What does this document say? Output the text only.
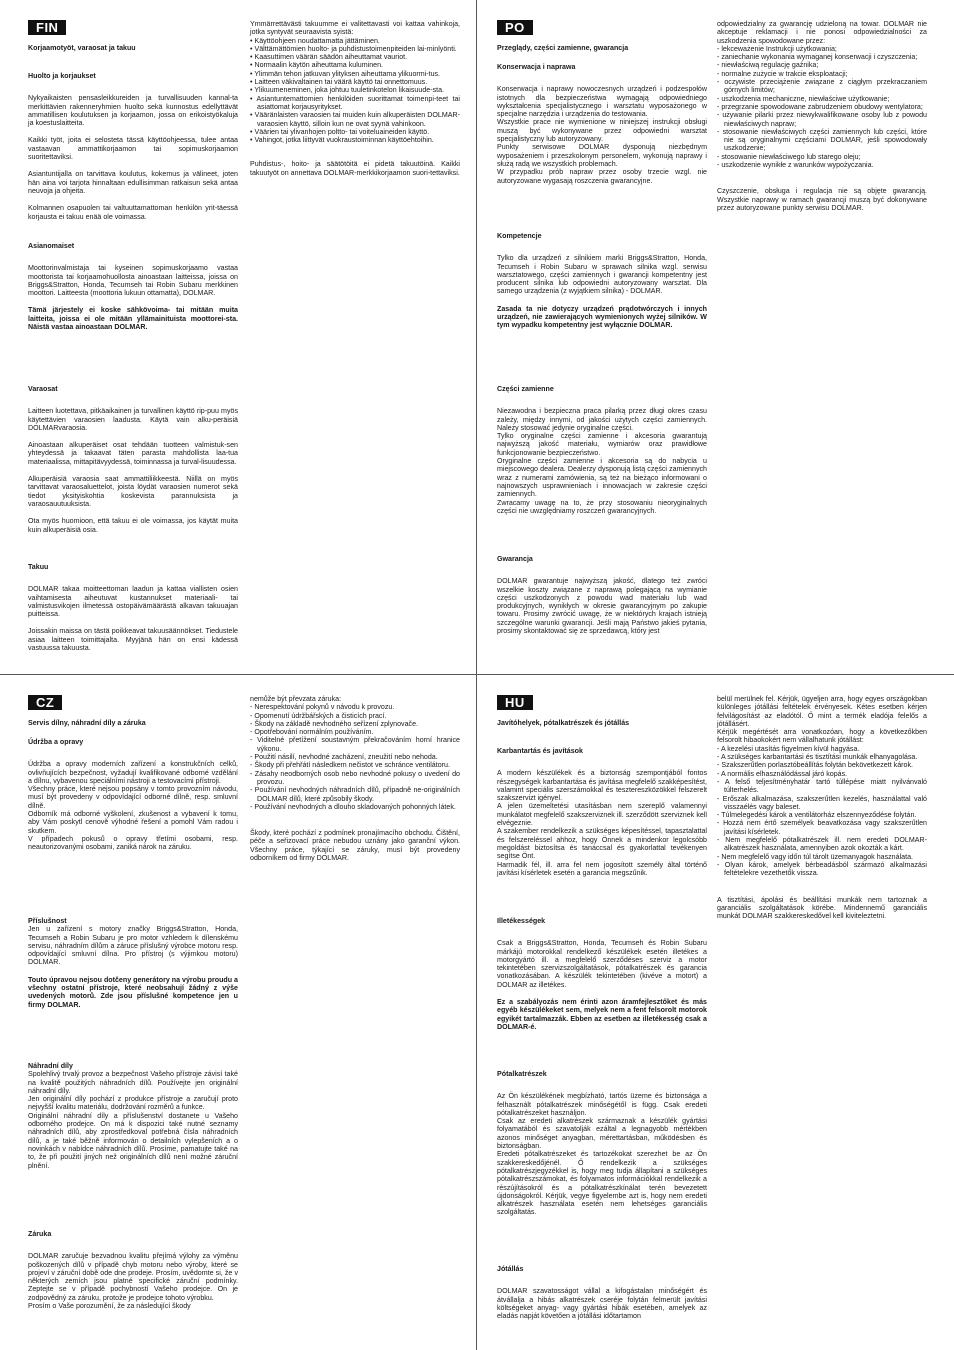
FIN
Korjaamotyöt, varaosat ja takuu
Huolto ja korjaukset

Nykyaikaisten pensasleikkureiden ja turvallisuuden kannal-ta merkittävien rakenneryhmien huolto sekä kunnostus edellyttävät ammatillisen koulutuksen ja korjaamon, jossa on erikoistyökaluja ja koestuslaitteita.

Kaikki työt, joita ei selosteta tässä käyttöohjeessa, tulee antaa vastaavan ammattikorjaamon tai sopimuskorjaamon suoritettaviksi.

Asiantuntijalla on tarvittava koulutus, kokemus ja välineet, joten hän aina voi tarjota hinnaltaan edullisimman ratkaisun sekä antaa neuvoja ja ohjeita.

Kolmannen osapuolen tai valtuuttamattoman henkilön yrit-täessä korjausta ei takuu enää ole voimassa.

Asianomaiset

Moottorinvalmistaja tai kyseinen sopimuskorjaamo vastaa moottorista tai korjaamohuollosta ainoastaan laitteissa, joissa on Briggs&Stratton, Honda, Tecumseh tai Robin Subaru merkkinen moottori. Laitteesta (moottoria lukuun ottamatta), DOLMAR.

Tämä järjestely ei koske sähkövoima- tai mitään muita laitteita, joissa ei ole mitään yllämainituista moottorei-sta. Näistä vastaa ainoastaan DOLMAR.

Varaosat

Laitteen luotettava, pitkäaikainen ja turvallinen käyttö rip-puu myös käytettävien varaosien laadusta. Käytä vain alku-peräisiä DOLMARvaraosia.

Ainoastaan alkuperäiset osat tehdään tuotteen valmistuk-sen yhteydessä ja takaavat täten parasta mahdollista laa-tua materiaalissa, mittapitävyydessä, toiminnassa ja turval-lisuudessa.

Alkuperäisiä varaosia saat ammattiliikkeestä. Niillä on myös tarvittavat varaosaluettelot, joista löydät varaosien numerot sekä tiedot yksityiskohtia koskevista parannuksista ja varaosauutuuksista.

Ota myös huomioon, että takuu ei ole voimassa, jos käytät muita kuin alkuperäisiä osia.

Takuu

DOLMAR takaa moitteettoman laadun ja kattaa viallisten osien vaihtamisesta aiheutuvat kustannukset materiaali- tai valmistusvikojen ilmetessä ostopäivämäärästä alkavan takuuajan puitteissa.

Joissakin maissa on tästä poikkeavat takuusäännökset. Tiedustele asiaa laitteen toimittajalta. Myyjänä hän on ensi kädessä vastuussa takuusta.

Ymmärrettävästi takuumme ei valitettavasti voi kattaa vahinkoja, jotka syntyvät seuraavista syistä:

• Käyttöohjeen noudattamatta jättäminen.
• Välttämättömien huolto- ja puhdistustoimenpiteiden lai-minlyönti.
• Kaasuttimen väärän säädön aiheuttamat vauriot.
• Normaalin käytön aiheuttama kuluminen.
• Ylimmän tehon jatkuvan ylityksen aiheuttama ylikuormi-tus.
• Laitteen väkivaltainen tai väärä käyttö tai onnettomuus.
• Ylikuumeneminen, joka johtuu tuuletinkotelon likaisuude-sta.
• Asiantuntemattomien henkilöiden suorittamat toimenpi-teet tai asiattomat korjausyritykset.
• Vääränlaisten varaosien tai muiden kuin alkuperäisten DOLMAR-varaosien käyttö, silloin kun ne ovat syynä vahinkoon.
• Väärien tai ylivanhojen poltto- tai voiteluaineiden käyttö.
• Vahingot, jotka liittyvät vuokraustoiminnan käyttöehtoihin.

Puhdistus-, hoito- ja säätötöitä ei pidetä takuutöinä. Kaikki takuutyöt on annettava DOLMAR-merkkikorjaamon suori-tettaviksi.

PO
Przeglądy, części zamienne, gwarancja
Konserwacja i naprawa

Konserwacja i naprawy nowoczesnych urządzeń i podzespołów istotnych dla bezpieczeństwa wymagają odpowiedniego wykształcenia specjalistycznego i warsztatu wyposażonego w specjalne narzędzia i urządzenia do testowania.

Wszystkie prace nie wymienione w niniejszej instrukcji obsługi muszą być wykonywane przez odpowiedni warsztat specjalistyczny lub autoryzowany.

Punkty serwisowe DOLMAR dysponują niezbędnym wyposażeniem i przeszkolonym personelem, wykonują naprawy i służą radą we wszystkich problemach.

W przypadku prób napraw przez osoby trzecie wzgl. nie autoryzowane wygasają roszczenia gwarancyjne.

Kompetencje

Tylko dla urządzeń z silnikiem marki Briggs&Stratton, Honda, Tecumseh i Robin Subaru w sprawach silnika wzgl. serwisu warsztatowego, części zamiennych i gwarancji kompetentny jest producent silnika lub odpowiedni autoryzowany warsztat. Dla samego urządzenia (z wyjątkiem silnika) - DOLMAR.

Zasada ta nie dotyczy urządzeń prądotwórczych i innych urządzeń, nie zawierających wymienionych wyżej silników. W tym wypadku kompetentny jest wyłącznie DOLMAR.

Części zamienne

Niezawodna i bezpieczna praca pilarką przez długi okres czasu zależy, między innymi, od jakości użytych części zamiennych. Należy stosować jedynie oryginalne części.

Tylko oryginalne części zamienne i akcesoria gwarantują najwyższą jakość materiału, wymiarów oraz prawidłowe funkcjonowanie bezpieczeństwo.

Oryginalne części zamienne i akcesoria są do nabycia u miejscowego dealera. Dealerzy dysponują listą części zamiennych wraz z numerami zamówienia, są też na bieżąco informowani o najnowszych usprawnieniach i innowacjach w zakresie części zamiennych.

Zwracamy uwagę na to, że przy stosowaniu nieoryginalnych części nie uwzględniamy roszczeń gwarancyjnych.

Gwarancja

DOLMAR gwarantuje najwyższą jakość, dlatego też zwróci wszelkie koszty związane z naprawą polegającą na wymianie części uszkodzonych z powodu wad materiału lub wad produkcyjnych, wynikłych w okresie gwarancyjnym po zakupie towaru. Prosimy zwrócić uwagę, że w niektórych krajach istnieją szczególne warunki gwarancji. Jeśli mają Państwo jakieś pytania, prosimy skontaktować się ze sprzedawcą, który jest

odpowiedzialny za gwarancję udzieloną na towar. DOLMAR nie akceptuje reklamacji i nie ponosi odpowiedzialności za uszkodzenia spowodowane przez:

- lekceważenie Instrukcji użytkowania;
- zaniechanie wykonania wymaganej konserwacji i czyszczenia;
- niewłaściwą regulację gaźnika;
- normalne zużycie w trakcie eksploatacji;
- oczywiste przeciążenie związane z ciągłym przekraczaniem górnych limitów;
- uszkodzenia mechaniczne, niewłaściwe użytkowanie;
- przegrzanie spowodowane zabrudzeniem obudowy wentylatora;
- używanie pilarki przez niewykwalifikowane osoby lub z powodu niewłaściwych napraw;
- stosowanie niewłaściwych części zamiennych lub części, które nie są oryginalnymi częściami DOLMAR, jeśli spowodowały uszkodzenie;
- stosowanie niewłaściwego lub starego oleju;
- uszkodzenie wynikłe z warunków wypożyczania.

Czyszczenie, obsługa i regulacja nie są objęte gwarancją. Wszystkie naprawy w ramach gwarancji muszą być dokonywane przez autoryzowane punkty serwisu DOLMAR.

CZ
Servis dílny, náhradní díly a záruka
Údržba a opravy

Údržba a opravy moderních zařízení a konstrukčních celků, ovlivňujících bezpečnost, vyžadují kvalifikované odborné vzdělání a dílnu, vybavenou speciálními nástroji a testovacími přístroji.

Všechny práce, které nejsou popsány v tomto provozním návodu, musí být provedeny v odpovídající odborné dílně, resp. smluvní dílně.

Odborník má odborné vyškolení, zkušenost a vybavení k tomu, aby Vám poskytl cenově výhodné řešení a pomohl Vám radou i skutkem.

V případech pokusů o opravy třetími osobami, resp. neautorizovanými osobami, zaniká nárok na záruku.

Příslušnost

Jen u zařízení s motory značky Briggs&Stratton, Honda, Tecumseh a Robin Subaru je pro motor vzhledem k dílenskému servisu, náhradním dílům a záruce příslušný výrobce motoru resp. odpovídající smluvní dílna. Pro přístroj (s výjimkou motoru) DOLMAR.

Touto úpravou nejsou dotčeny generátory na výrobu proudu a všechny ostatní přístroje, které neobsahují žádný z výše uvedených motorů. Zde jsou příslušné kompetence jen u firmy DOLMAR.

Náhradní díly

Spolehlivý trvalý provoz a bezpečnost Vašeho přístroje závisí také na kvalitě použitých náhradních dílů. Používejte jen originální náhradní díly.

Jen originální díly pochází z produkce přístroje a zaručují proto nejvyšší kvalitu materiálu, dodržování rozměrů a funkce.

Originální náhradní díly a příslušenství dostanete u Vašeho odborného prodejce. On má k dispozici také nutné seznamy náhradních dílů, aby zprostředkoval potřebná čísla náhradních dílů, a je také běžně informován o detailních vylepšeních a o novinkách v nabídce náhradních dílů. Prosíme, pamatujte také na to, že při použití jiných než originálních dílů není možné záruční plnění.

Záruka

DOLMAR zaručuje bezvadnou kvalitu přejímá výlohy za výměnu poškozených dílů v případě chyb motoru nebo výroby, které se projeví v záruční době ode dne prodeje. Prosím, uvědomte si, že v některých zemích jsou platné specifické záruční podmínky. Zeptejte se v případě pochybností Vašeho prodejce. On je zodpovědný za záruku, protože je prodejce tohoto výrobku.

Prosím o Vaše porozumění, že za následující škody

nemůže být převzata záruka:

- Nerespektování pokynů v návodu k provozu.
- Opomenutí údržbářských a čisticích prací.
- Škody na základě nevhodného seřízení zplynovače.
- Opotřebování normálním používáním.
- Viditelné přetížení soustavným překračováním horní hranice výkonu.
- Použití násilí, nevhodné zacházení, zneužití nebo nehoda.
- Škody při přehřátí následkem nečistot ve schránce ventilátoru.
- Zásahy neodborných osob nebo nevhodné pokusy o uvedení do provozu.
- Používání nevhodných náhradních dílů, případně ne-originálních DOLMAR dílů, které způsobily škody.
- Používání nevhodných a dlouho skladovaných pohonných látek.

Škody, které pochází z podmínek pronajímacího obchodu. Čištění, péče a seřizovací práce nebudou uznány jako garanční výkon. Všechny práce, týkající se záruky, musí být provedeny odborníkem od firmy DOLMAR.

HU
Javítóhelyek, pótalkatrészek és jótállás
Karbantartás és javítások

A modern készülékek és a biztonság szempontjából fontos részegységek karbantartása és javítása megfelelő szakképesítést, valamint speciális szerszámokkal és tesztereszközökkel felszerelt szakszervizt igényel.

A jelen üzemeltetési utasításban nem szereplő valamennyi munkálatot megfelelő szakszerviznek ill. szerződött szerviznek kell elvégeznie.

A szakember rendelkezik a szükséges képesítéssel, tapasztalattal és felszereléssel ahhoz, hogy Önnek a mindenkor legolcsóbb megoldást biztosítsa és tanáccsal és gyakorlattal tevékenyen segítse Önt.

Harmadik fél, ill. arra fel nem jogosított személy által történő javítási kísérletek esetén a garancia megszűnik.

Illetékességek

Csak a Briggs&Stratton, Honda, Tecumseh és Robin Subaru márkájú motorokkal rendelkező készülékek esetén illetékes a motorgyártó ill. a megfelelő szerződéses szerviz a motor tekintetében szervizszolgáltatások, pótalkatrészek és garancia vonatkozásában. A készülék tekintetében (kivéve a motort) a DOLMAR az illetékes.

Ez a szabályozás nem érinti azon áramfejlesztőket és más egyéb készülékeket sem, melyek nem a fent felsorolt motorok egyikét tartalmazzák. Ebben az esetben az illetékesség csak a DOLMAR-é.

Pótalkatrészek

Az Ön készülékének megbízható, tartós üzeme és biztonsága a felhasznált pótalkatrészek minőségétől is függ. Csak eredeti pótalkatrészeket használjon.

Csak az eredeti alkatrészek származnak a készülék gyártási folyamatából és szavatolják ezáltal a legnagyobb mértékben azonos minőséget anyagban, mérettartásban, működésben és biztonságban.

Eredeti pótalkatrészeket és tartozékokat szerezhet be az Ön szakkereskedőjénél. Ő rendelkezik a szükséges pótalkatrészjegyzékkel is, hogy meg tudja állapítani a szükséges pótalkatrészszámokat, és folyamatos információkkal rendelkezik a részújításokról és a pótalkatrészkínálat terén bevezetett újdonságokról. Kérjük, vegye figyelembe azt is, hogy nem eredeti alkatrészek használata esetén nem lehetséges garanciális szolgáltatás.

Jótállás

DOLMAR szavatosságot vállal a kifogástalan minőségért és átvállalja a hibás alkatrészek cseréje folytán felmerült javítási költségeket anyag- vagy gyártási hibák esetében, amelyek az eladás napját követően a jótállási időtartamon

belül merülnek fel. Kérjük, ügyeljen arra, hogy egyes országokban különleges jótállási feltételek érvényesek. Kétes esetben kérjen felvilágosítást az eladótól. Ő mint a termék eladója felelős a jótállásért.

Kérjük megértését arra vonatkozóan, hogy a következőkben felsorolt hibaokokért nem vállalhatunk jótállást:

- A kezelési utasítás figyelmen kívül hagyása.
- A szükséges karbantartási és tisztítási munkák elhanyagolása.
- Szakszerűtlen porlasztóbeállítás folytán bekövetkezett károk.
- A normális elhasználódással járó kopás.
- A felső teljesítményhatár tartó túllépése miatt nyilvánvaló túlterhelés.
- Erőszak alkalmazása, szakszerűtlen kezelés, használattal való visszaélés vagy baleset.
- Túlmelegedési károk a ventilátorház elszennyeződése folytán.
- Hozzá nem értő személyek beavatkozása vagy szakszerűtlen javítási kísérletek.
- Nem megfelelő pótalkatrészek ill. nem eredeti DOLMAR-alkatrészek használata, amennyiben azok okozták a kárt.
- Nem megfelelő vagy időn túl tárolt üzemanyagok használata.
- Olyan károk, amelyek bérbeadásból származó alkalmazási feltételekre vezethetők vissza.

A tisztítási, ápolási és beállítási munkák nem tartoznak a garanciális szolgáltatások körébe. Mindennemű garanciális munkát DOLMAR szakkereskedővel kell kiviteleztetni.
